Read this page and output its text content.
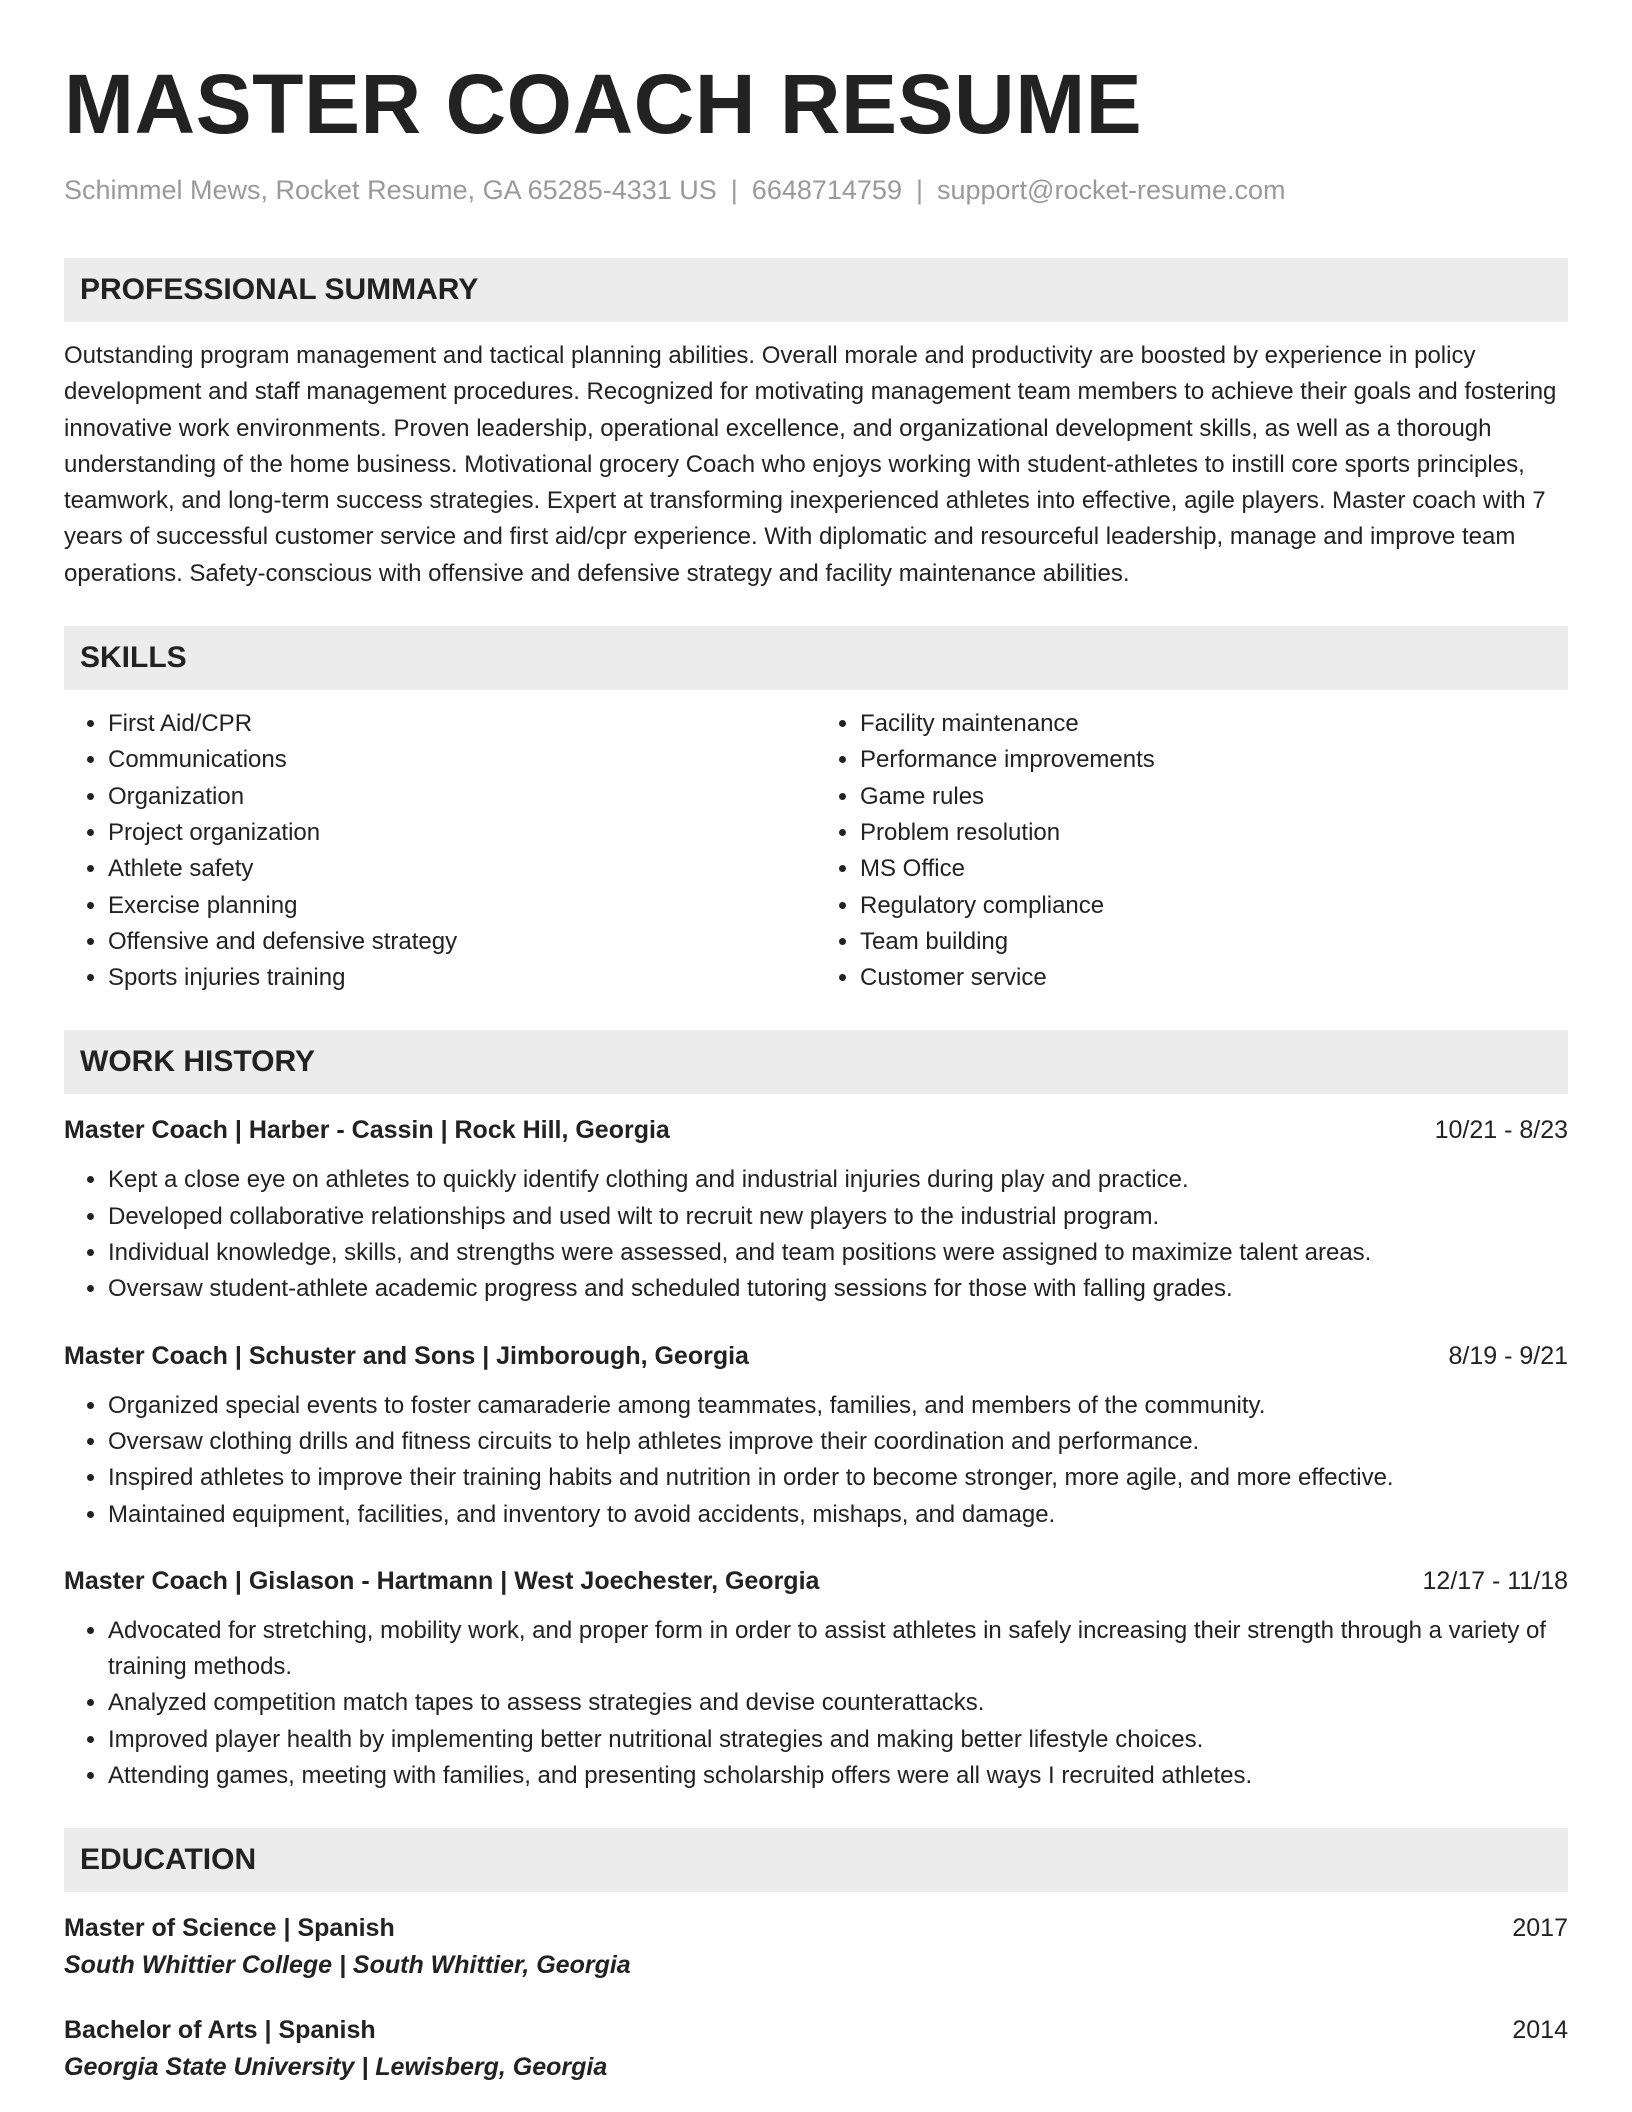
MASTER COACH RESUME
Schimmel Mews, Rocket Resume, GA 65285-4331 US | 6648714759 | support@rocket-resume.com
PROFESSIONAL SUMMARY
Outstanding program management and tactical planning abilities. Overall morale and productivity are boosted by experience in policy development and staff management procedures. Recognized for motivating management team members to achieve their goals and fostering innovative work environments. Proven leadership, operational excellence, and organizational development skills, as well as a thorough understanding of the home business. Motivational grocery Coach who enjoys working with student-athletes to instill core sports principles, teamwork, and long-term success strategies. Expert at transforming inexperienced athletes into effective, agile players. Master coach with 7 years of successful customer service and first aid/cpr experience. With diplomatic and resourceful leadership, manage and improve team operations. Safety-conscious with offensive and defensive strategy and facility maintenance abilities.
SKILLS
• First Aid/CPR
• Communications
• Organization
• Project organization
• Athlete safety
• Exercise planning
• Offensive and defensive strategy
• Sports injuries training
• Facility maintenance
• Performance improvements
• Game rules
• Problem resolution
• MS Office
• Regulatory compliance
• Team building
• Customer service
WORK HISTORY
Master Coach | Harber - Cassin | Rock Hill, Georgia	10/21 - 8/23
• Kept a close eye on athletes to quickly identify clothing and industrial injuries during play and practice.
• Developed collaborative relationships and used wilt to recruit new players to the industrial program.
• Individual knowledge, skills, and strengths were assessed, and team positions were assigned to maximize talent areas.
• Oversaw student-athlete academic progress and scheduled tutoring sessions for those with falling grades.
Master Coach | Schuster and Sons | Jimborough, Georgia	8/19 - 9/21
• Organized special events to foster camaraderie among teammates, families, and members of the community.
• Oversaw clothing drills and fitness circuits to help athletes improve their coordination and performance.
• Inspired athletes to improve their training habits and nutrition in order to become stronger, more agile, and more effective.
• Maintained equipment, facilities, and inventory to avoid accidents, mishaps, and damage.
Master Coach | Gislason - Hartmann | West Joechester, Georgia	12/17 - 11/18
• Advocated for stretching, mobility work, and proper form in order to assist athletes in safely increasing their strength through a variety of training methods.
• Analyzed competition match tapes to assess strategies and devise counterattacks.
• Improved player health by implementing better nutritional strategies and making better lifestyle choices.
• Attending games, meeting with families, and presenting scholarship offers were all ways I recruited athletes.
EDUCATION
Master of Science | Spanish	2017
South Whittier College | South Whittier, Georgia
Bachelor of Arts | Spanish	2014
Georgia State University | Lewisberg, Georgia
